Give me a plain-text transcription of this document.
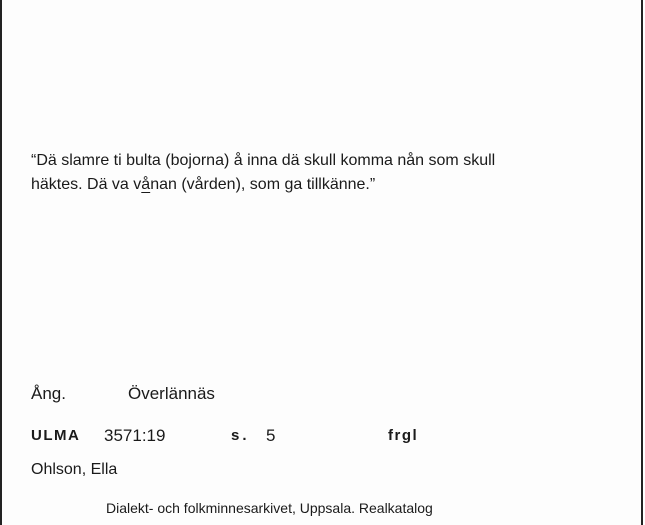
“Dä slamre ti bulta (bojorna) å inna dä skull komma nån som skull
häktes. Dä va vånan (vården), som ga tillkänne.”
Ång.	Överlännäs
ULMA 3571:19	s. 5	frgl
Ohlson, Ella
Dialekt- och folkminnesarkivet, Uppsala. Realkatalog
